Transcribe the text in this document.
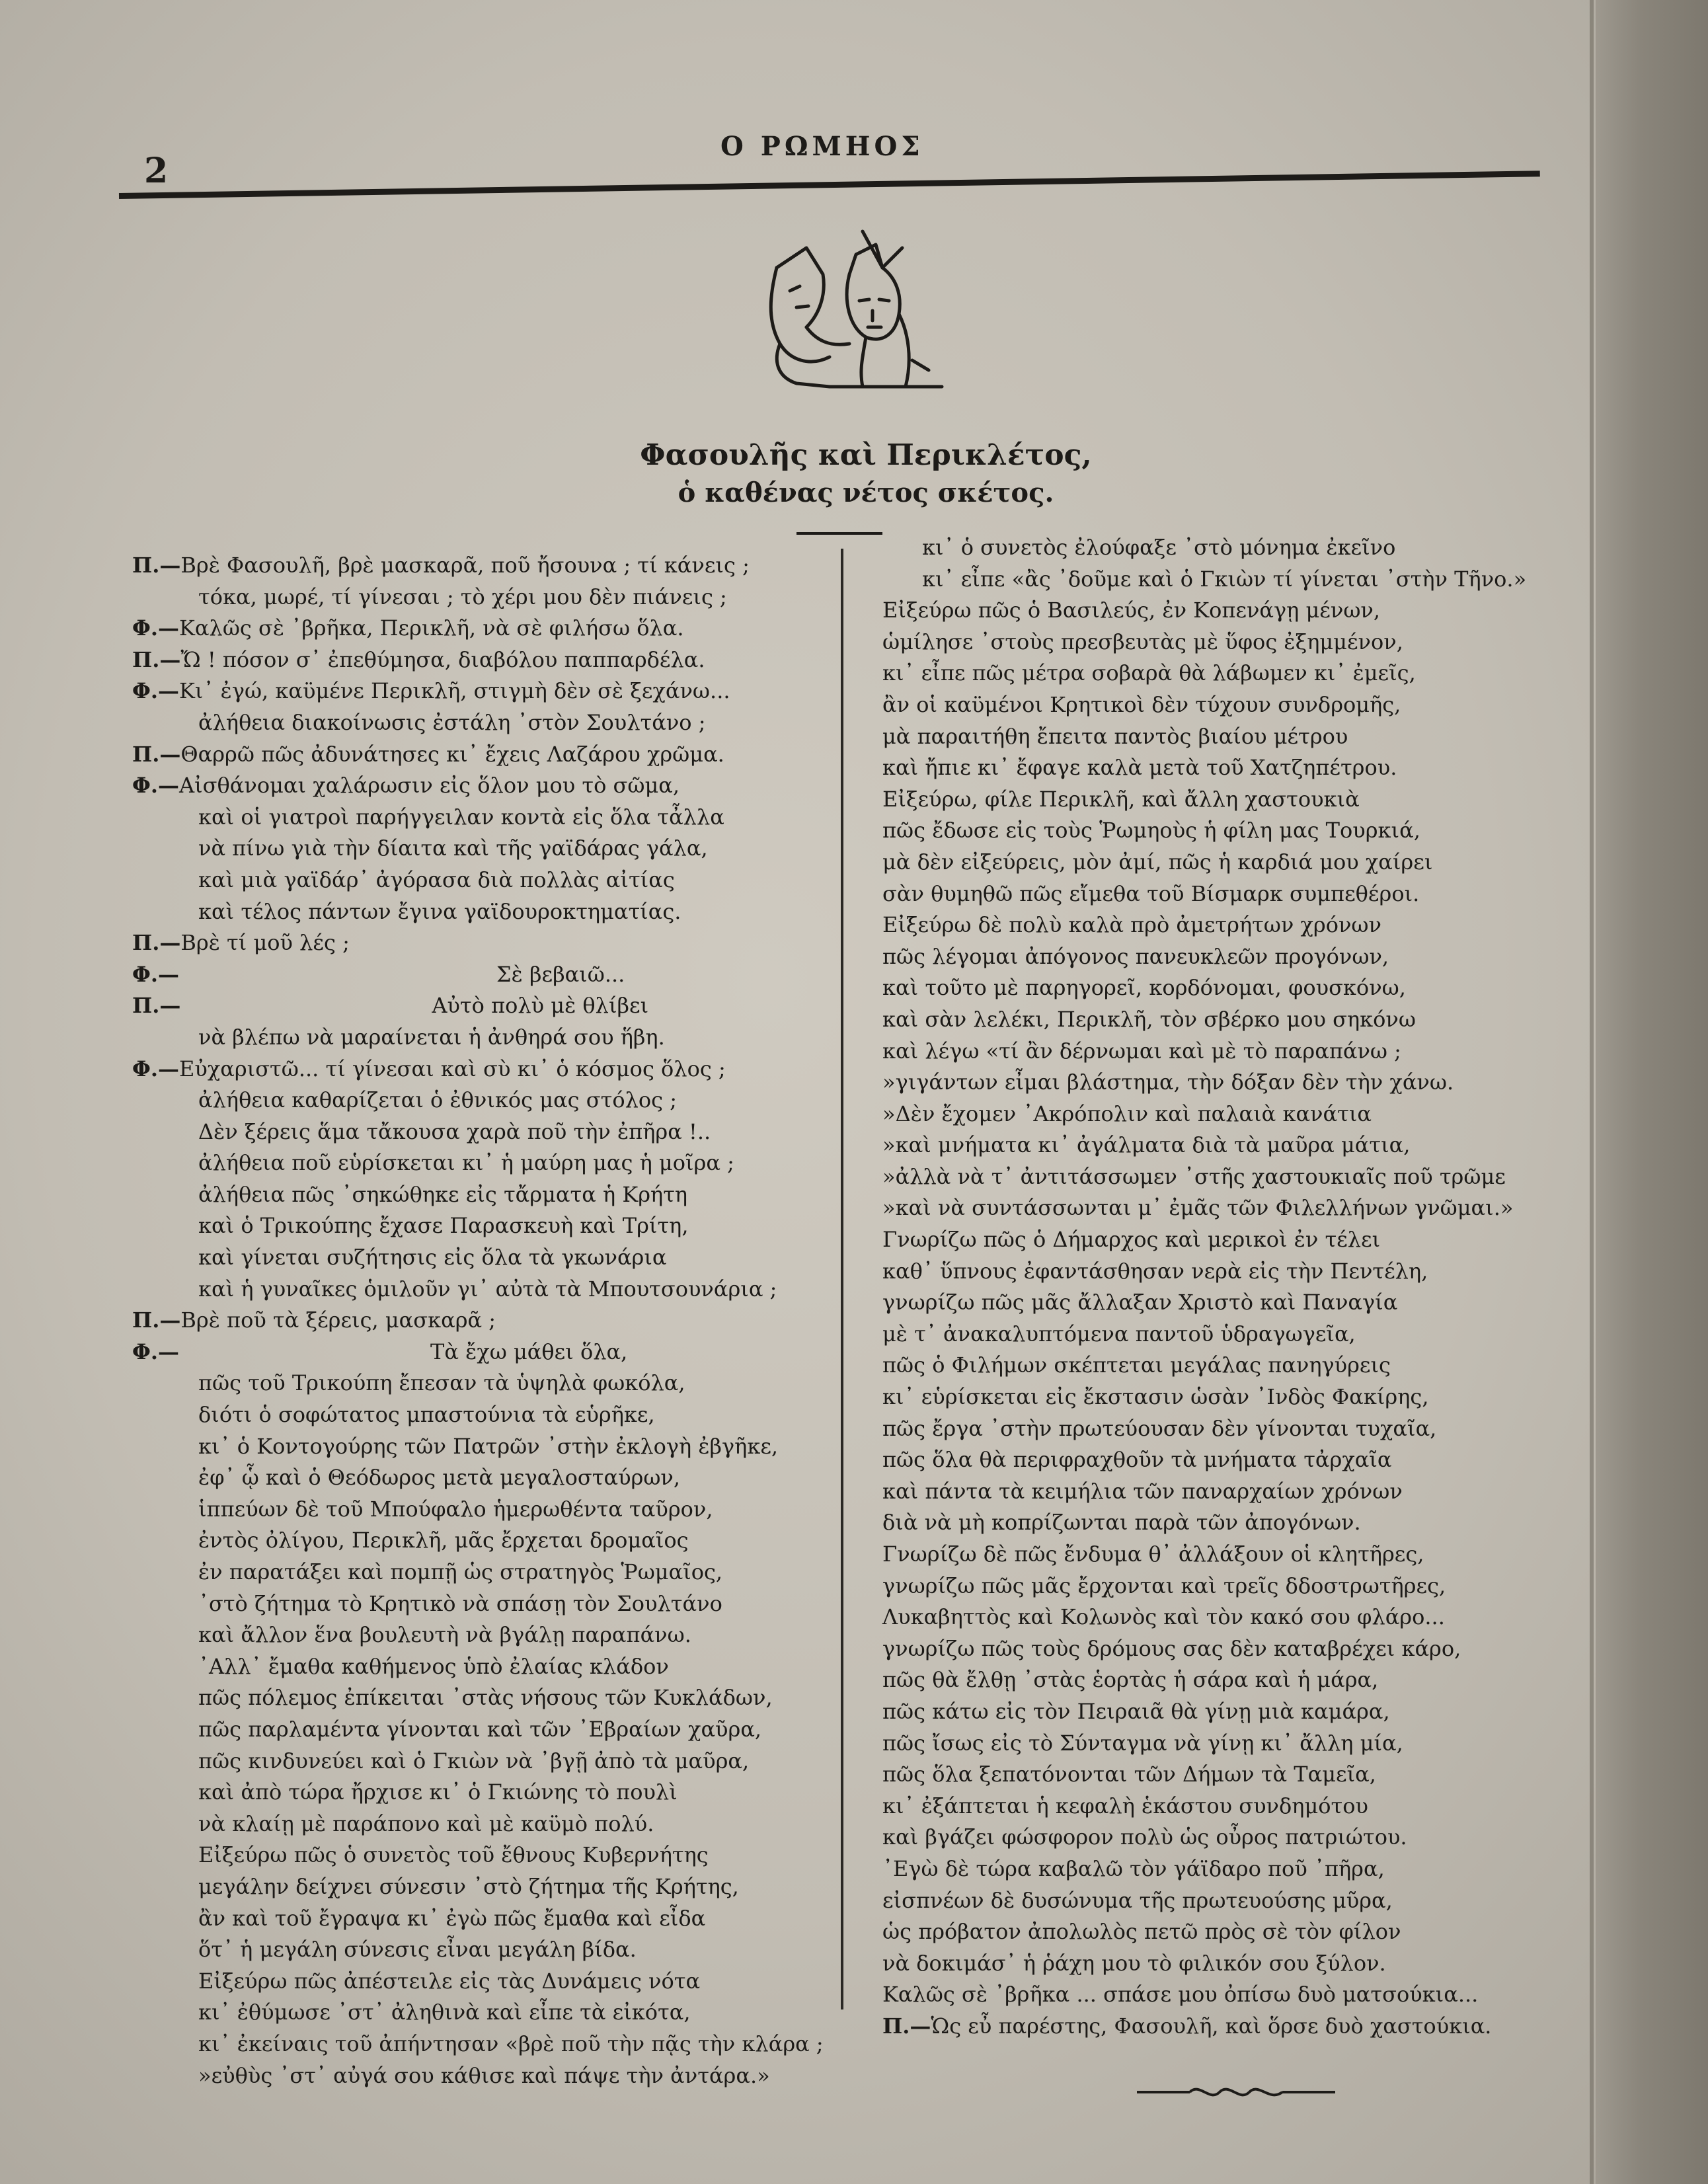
2
Ο ΡΩΜΗΟΣ
Φασουλῆς καὶ Περικλέτος,
ὁ καθένας νέτος σκέτος.
Π.—Βρὲ Φασουλῆ, βρὲ μασκαρᾶ, ποῦ ἤσουνα ; τί κάνεις ;
τόκα, μωρέ, τί γίνεσαι ; τὸ χέρι μου δὲν πιάνεις ;
Φ.—Καλῶς σὲ ᾽βρῆκα, Περικλῆ, νὰ σὲ φιλήσω ὅλα.
Π.—Ὤ ! πόσον σ᾽ ἐπεθύμησα, διαβόλου παππαρδέλα.
Φ.—Κι᾽ ἐγώ, καϋμένε Περικλῆ, στιγμὴ δὲν σὲ ξεχάνω...
ἀλήθεια διακοίνωσις ἐστάλη ᾽στὸν Σουλτάνο ;
Π.—Θαρρῶ πῶς ἀδυνάτησες κι᾽ ἔχεις Λαζάρου χρῶμα.
Φ.—Αἰσθάνομαι χαλάρωσιν εἰς ὅλον μου τὸ σῶμα,
καὶ οἱ γιατροὶ παρήγγειλαν κοντὰ εἰς ὅλα τἆλλα
νὰ πίνω γιὰ τὴν δίαιτα καὶ τῆς γαϊδάρας γάλα,
καὶ μιὰ γαϊδάρ᾽ ἀγόρασα διὰ πολλὰς αἰτίας
καὶ τέλος πάντων ἔγινα γαϊδουροκτηματίας.
Π.—Βρὲ τί μοῦ λές ;
Φ.—	Σὲ βεβαιῶ...
Π.—	Αὐτὸ πολὺ μὲ θλίβει
νὰ βλέπω νὰ μαραίνεται ἡ ἀνθηρά σου ἥβη.
Φ.—Εὐχαριστῶ... τί γίνεσαι καὶ σὺ κι᾽ ὁ κόσμος ὅλος ;
ἀλήθεια καθαρίζεται ὁ ἐθνικός μας στόλος ;
Δὲν ξέρεις ἅμα τἄκουσα χαρὰ ποῦ τὴν ἐπῆρα !..
ἀλήθεια ποῦ εὑρίσκεται κι᾽ ἡ μαύρη μας ἡ μοῖρα ;
ἀλήθεια πῶς ᾽σηκώθηκε εἰς τἄρματα ἡ Κρήτη
καὶ ὁ Τρικούπης ἔχασε Παρασκευὴ καὶ Τρίτη,
καὶ γίνεται συζήτησις εἰς ὅλα τὰ γκωνάρια
καὶ ἡ γυναῖκες ὁμιλοῦν γι᾽ αὐτὰ τὰ Μπουτσουνάρια ;
Π.—Βρὲ ποῦ τὰ ξέρεις, μασκαρᾶ ;
Φ.—	Τὰ ἔχω μάθει ὅλα,
πῶς τοῦ Τρικούπη ἔπεσαν τὰ ὑψηλὰ φωκόλα,
διότι ὁ σοφώτατος μπαστούνια τὰ εὑρῆκε,
κι᾽ ὁ Κοντογούρης τῶν Πατρῶν ᾽στὴν ἐκλογὴ ἐβγῆκε,
ἐφ᾽ ᾧ καὶ ὁ Θεόδωρος μετὰ μεγαλοσταύρων,
ἱππεύων δὲ τοῦ Μπούφαλο ἡμερωθέντα ταῦρον,
ἐντὸς ὀλίγου, Περικλῆ, μᾶς ἔρχεται δρομαῖος
ἐν παρατάξει καὶ πομπῇ ὡς στρατηγὸς Ῥωμαῖος,
᾽στὸ ζήτημα τὸ Κρητικὸ νὰ σπάσῃ τὸν Σουλτάνο
καὶ ἄλλον ἕνα βουλευτὴ νὰ βγάλῃ παραπάνω.
᾽Αλλ᾽ ἔμαθα καθήμενος ὑπὸ ἐλαίας κλάδον
πῶς πόλεμος ἐπίκειται ᾽στὰς νήσους τῶν Κυκλάδων,
πῶς παρλαμέντα γίνονται καὶ τῶν ᾽Εβραίων χαῦρα,
πῶς κινδυνεύει καὶ ὁ Γκιὼν νὰ ᾽βγῇ ἀπὸ τὰ μαῦρα,
καὶ ἀπὸ τώρα ἤρχισε κι᾽ ὁ Γκιώνης τὸ πουλὶ
νὰ κλαίῃ μὲ παράπονο καὶ μὲ καϋμὸ πολύ.
Εἰξεύρω πῶς ὁ συνετὸς τοῦ ἔθνους Κυβερνήτης
μεγάλην δείχνει σύνεσιν ᾽στὸ ζήτημα τῆς Κρήτης,
ἂν καὶ τοῦ ἔγραψα κι᾽ ἐγὼ πῶς ἔμαθα καὶ εἶδα
ὅτ᾽ ἡ μεγάλη σύνεσις εἶναι μεγάλη βίδα.
Εἰξεύρω πῶς ἀπέστειλε εἰς τὰς Δυνάμεις νότα
κι᾽ ἐθύμωσε ᾽στ᾽ ἀληθινὰ καὶ εἶπε τὰ εἰκότα,
κι᾽ ἐκείναις τοῦ ἀπήντησαν «βρὲ ποῦ τὴν πᾷς τὴν κλάρα ;
»εὐθὺς ᾽στ᾽ αὐγά σου κάθισε καὶ πάψε τὴν ἀντάρα.»
κι᾽ ὁ συνετὸς ἐλούφαξε ᾽στὸ μόνημα ἐκεῖνο
κι᾽ εἶπε «ἂς ᾽δοῦμε καὶ ὁ Γκιὼν τί γίνεται ᾽στὴν Τῆνο.»
Εἰξεύρω πῶς ὁ Βασιλεύς, ἐν Κοπενάγῃ μένων,
ὡμίλησε ᾽στοὺς πρεσβευτὰς μὲ ὕφος ἐξημμένον,
κι᾽ εἶπε πῶς μέτρα σοβαρὰ θὰ λάβωμεν κι᾽ ἐμεῖς,
ἂν οἱ καϋμένοι Κρητικοὶ δὲν τύχουν συνδρομῆς,
μὰ παραιτήθη ἔπειτα παντὸς βιαίου μέτρου
καὶ ἤπιε κι᾽ ἔφαγε καλὰ μετὰ τοῦ Χατζηπέτρου.
Εἰξεύρω, φίλε Περικλῆ, καὶ ἄλλη χαστουκιὰ
πῶς ἔδωσε εἰς τοὺς Ῥωμηοὺς ἡ φίλη μας Τουρκιά,
μὰ δὲν εἰξεύρεις, μὸν ἀμί, πῶς ἡ καρδιά μου χαίρει
σὰν θυμηθῶ πῶς εἴμεθα τοῦ Βίσμαρκ συμπεθέροι.
Εἰξεύρω δὲ πολὺ καλὰ πρὸ ἀμετρήτων χρόνων
πῶς λέγομαι ἀπόγονος πανευκλεῶν προγόνων,
καὶ τοῦτο μὲ παρηγορεῖ, κορδόνομαι, φουσκόνω,
καὶ σὰν λελέκι, Περικλῆ, τὸν σβέρκο μου σηκόνω
καὶ λέγω «τί ἂν δέρνωμαι καὶ μὲ τὸ παραπάνω ;
»γιγάντων εἶμαι βλάστημα, τὴν δόξαν δὲν τὴν χάνω.
»Δὲν ἔχομεν ᾽Ακρόπολιν καὶ παλαιὰ κανάτια
»καὶ μνήματα κι᾽ ἀγάλματα διὰ τὰ μαῦρα μάτια,
»ἀλλὰ νὰ τ᾽ ἀντιτάσσωμεν ᾽στῆς χαστουκιαῖς ποῦ τρῶμε
»καὶ νὰ συντάσσωνται μ᾽ ἐμᾶς τῶν Φιλελλήνων γνῶμαι.»
Γνωρίζω πῶς ὁ Δήμαρχος καὶ μερικοὶ ἐν τέλει
καθ᾽ ὕπνους ἐφαντάσθησαν νερὰ εἰς τὴν Πεντέλη,
γνωρίζω πῶς μᾶς ἄλλαξαν Χριστὸ καὶ Παναγία
μὲ τ᾽ ἀνακαλυπτόμενα παντοῦ ὑδραγωγεῖα,
πῶς ὁ Φιλήμων σκέπτεται μεγάλας πανηγύρεις
κι᾽ εὑρίσκεται εἰς ἔκστασιν ὡσὰν ᾽Ινδὸς Φακίρης,
πῶς ἔργα ᾽στὴν πρωτεύουσαν δὲν γίνονται τυχαῖα,
πῶς ὅλα θὰ περιφραχθοῦν τὰ μνήματα τἀρχαῖα
καὶ πάντα τὰ κειμήλια τῶν παναρχαίων χρόνων
διὰ νὰ μὴ κοπρίζωνται παρὰ τῶν ἀπογόνων.
Γνωρίζω δὲ πῶς ἔνδυμα θ᾽ ἀλλάξουν οἱ κλητῆρες,
γνωρίζω πῶς μᾶς ἔρχονται καὶ τρεῖς δδοστρωτῆρες,
Λυκαβηττὸς καὶ Κολωνὸς καὶ τὸν κακό σου φλάρο...
γνωρίζω πῶς τοὺς δρόμους σας δὲν καταβρέχει κάρο,
πῶς θὰ ἔλθῃ ᾽στὰς ἑορτὰς ἡ σάρα καὶ ἡ μάρα,
πῶς κάτω εἰς τὸν Πειραιᾶ θὰ γίνῃ μιὰ καμάρα,
πῶς ἴσως εἰς τὸ Σύνταγμα νὰ γίνῃ κι᾽ ἄλλη μία,
πῶς ὅλα ξεπατόνονται τῶν Δήμων τὰ Ταμεῖα,
κι᾽ ἐξάπτεται ἡ κεφαλὴ ἑκάστου συνδημότου
καὶ βγάζει φώσφορον πολὺ ὡς οὖρος πατριώτου.
᾽Εγὼ δὲ τώρα καβαλῶ τὸν γάϊδαρο ποῦ ᾽πῆρα,
εἰσπνέων δὲ δυσώνυμα τῆς πρωτευούσης μῦρα,
ὡς πρόβατον ἀπολωλὸς πετῶ πρὸς σὲ τὸν φίλον
νὰ δοκιμάσ᾽ ἡ ῥάχη μου τὸ φιλικόν σου ξύλον.
Καλῶς σὲ ᾽βρῆκα ... σπάσε μου ὀπίσω δυὸ ματσούκια...
Π.—Ὡς εὖ παρέστης, Φασουλῆ, καὶ ὅρσε δυὸ χαστούκια.
